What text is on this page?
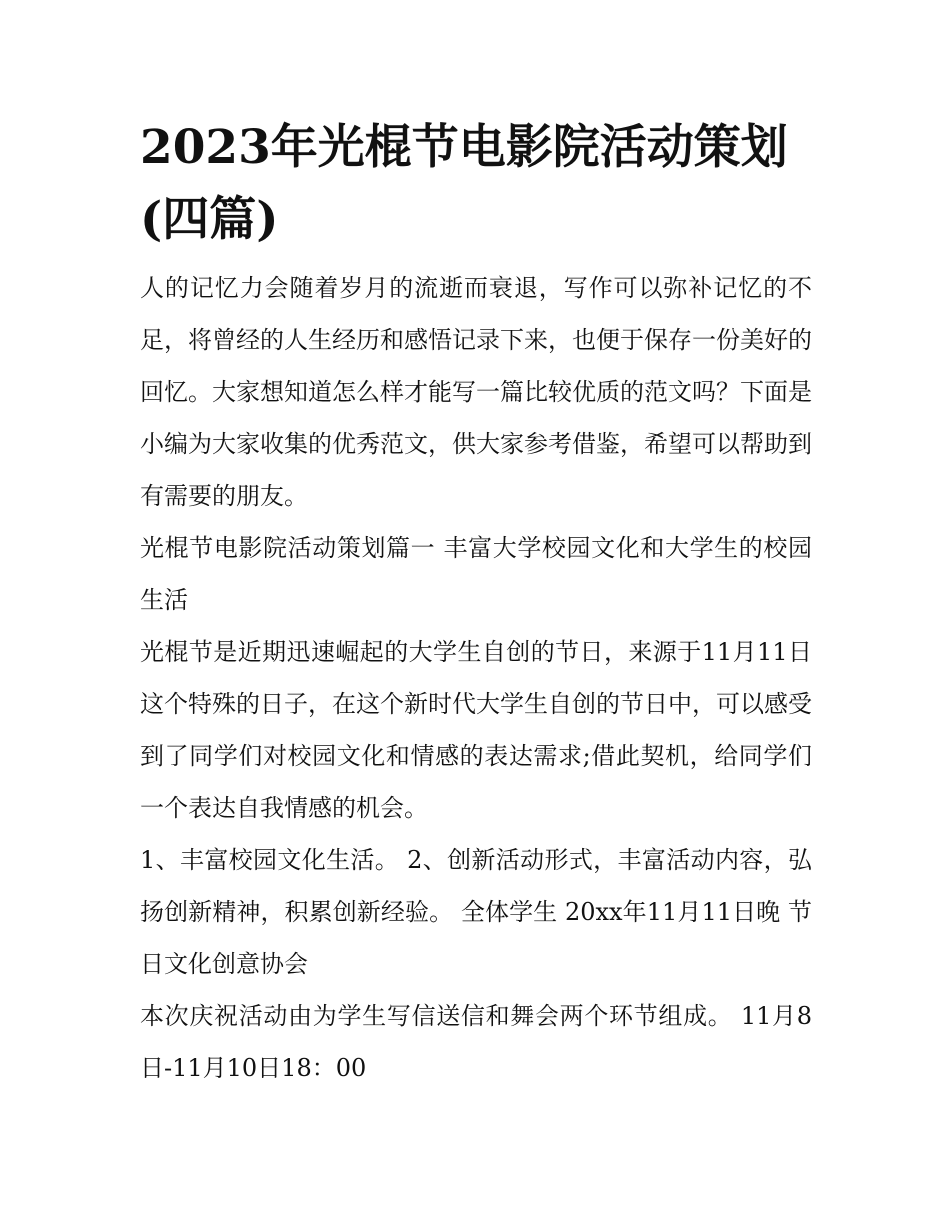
2023年光棍节电影院活动策划(四篇)

人的记忆力会随着岁月的流逝而衰退，写作可以弥补记忆的不足，将曾经的人生经历和感悟记录下来，也便于保存一份美好的回忆。大家想知道怎么样才能写一篇比较优质的范文吗？下面是小编为大家收集的优秀范文，供大家参考借鉴，希望可以帮助到有需要的朋友。

光棍节电影院活动策划篇一 丰富大学校园文化和大学生的校园生活

光棍节是近期迅速崛起的大学生自创的节日，来源于11月11日这个特殊的日子，在这个新时代大学生自创的节日中，可以感受到了同学们对校园文化和情感的表达需求;借此契机，给同学们一个表达自我情感的机会。

1、丰富校园文化生活。 2、创新活动形式，丰富活动内容，弘扬创新精神，积累创新经验。 全体学生 20xx年11月11日晚 节日文化创意协会

本次庆祝活动由为学生写信送信和舞会两个环节组成。 11月8日-11月10日18：00
